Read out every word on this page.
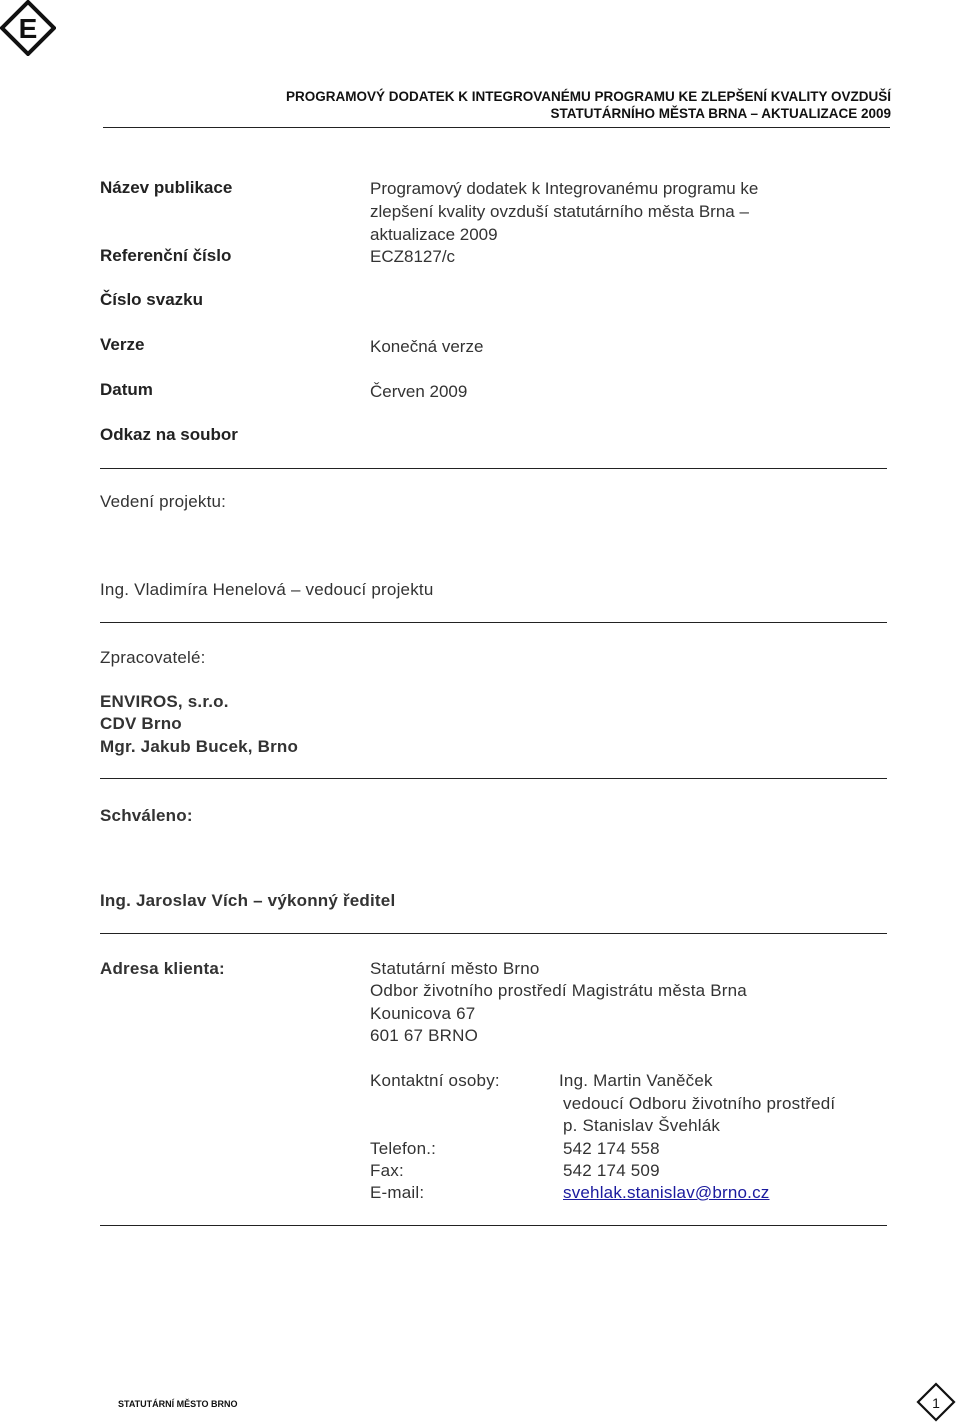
E
PROGRAMOVÝ DODATEK K INTEGROVANÉMU PROGRAMU KE ZLEPŠENÍ KVALITY OVZDUŠÍ
STATUTÁRNÍHO MĚSTA BRNA – AKTUALIZACE 2009
Název publikace	Programový dodatek k Integrovanému programu ke
zlepšení kvality ovzduší statutárního města Brna –
aktualizace 2009
Referenční číslo	ECZ8127/c
Číslo svazku
Verze	Konečná verze
Datum	Červen 2009
Odkaz na soubor
Vedení projektu:
Ing. Vladimíra Henelová – vedoucí projektu
Zpracovatelé:
ENVIROS, s.r.o.
CDV Brno
Mgr. Jakub Bucek, Brno
Schváleno:
Ing. Jaroslav Vích – výkonný ředitel
Adresa klienta:	Statutární město Brno
Odbor životního prostředí Magistrátu města Brna
Kounicova 67
601 67 BRNO
Kontaktní osoby:	Ing. Martin Vaněček
vedoucí Odboru životního prostředí
p. Stanislav Švehlák
Telefon.:	542 174 558
Fax:	542 174 509
E-mail:	svehlak.stanislav@brno.cz
STATUTÁRNÍ MĚSTO BRNO	1
